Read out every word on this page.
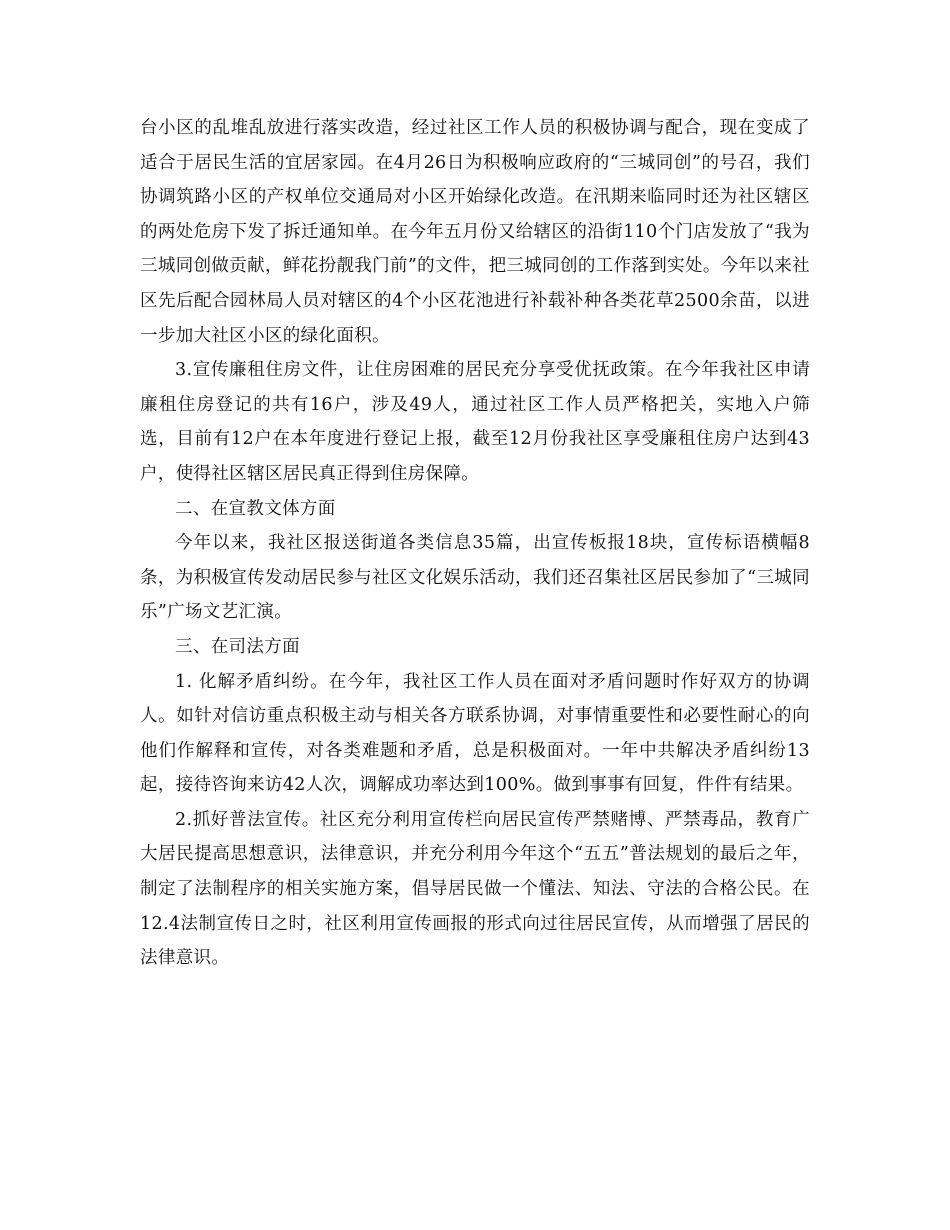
台小区的乱堆乱放进行落实改造，经过社区工作人员的积极协调与配合，现在变成了适合于居民生活的宜居家园。在4月26日为积极响应政府的“三城同创”的号召，我们协调筑路小区的产权单位交通局对小区开始绿化改造。在汛期来临同时还为社区辖区的两处危房下发了拆迁通知单。在今年五月份又给辖区的沿街110个门店发放了“我为三城同创做贡献，鲜花扮靓我门前”的文件，把三城同创的工作落到实处。今年以来社区先后配合园林局人员对辖区的4个小区花池进行补载补种各类花草2500余苗，以进一步加大社区小区的绿化面积。

3.宣传廉租住房文件，让住房困难的居民充分享受优抚政策。在今年我社区申请廉租住房登记的共有16户，涉及49人，通过社区工作人员严格把关，实地入户筛选，目前有12户在本年度进行登记上报，截至12月份我社区享受廉租住房户达到43户，使得社区辖区居民真正得到住房保障。

二、在宣教文体方面

今年以来，我社区报送街道各类信息35篇，出宣传板报18块，宣传标语横幅8条，为积极宣传发动居民参与社区文化娱乐活动，我们还召集社区居民参加了“三城同乐”广场文艺汇演。

三、在司法方面

1. 化解矛盾纠纷。在今年，我社区工作人员在面对矛盾问题时作好双方的协调人。如针对信访重点积极主动与相关各方联系协调，对事情重要性和必要性耐心的向他们作解释和宣传，对各类难题和矛盾，总是积极面对。一年中共解决矛盾纠纷13起，接待咨询来访42人次，调解成功率达到100%。做到事事有回复，件件有结果。

2.抓好普法宣传。社区充分利用宣传栏向居民宣传严禁赌博、严禁毒品，教育广大居民提高思想意识，法律意识，并充分利用今年这个“五五”普法规划的最后之年，制定了法制程序的相关实施方案，倡导居民做一个懂法、知法、守法的合格公民。在12.4法制宣传日之时，社区利用宣传画报的形式向过往居民宣传，从而增强了居民的法律意识。
